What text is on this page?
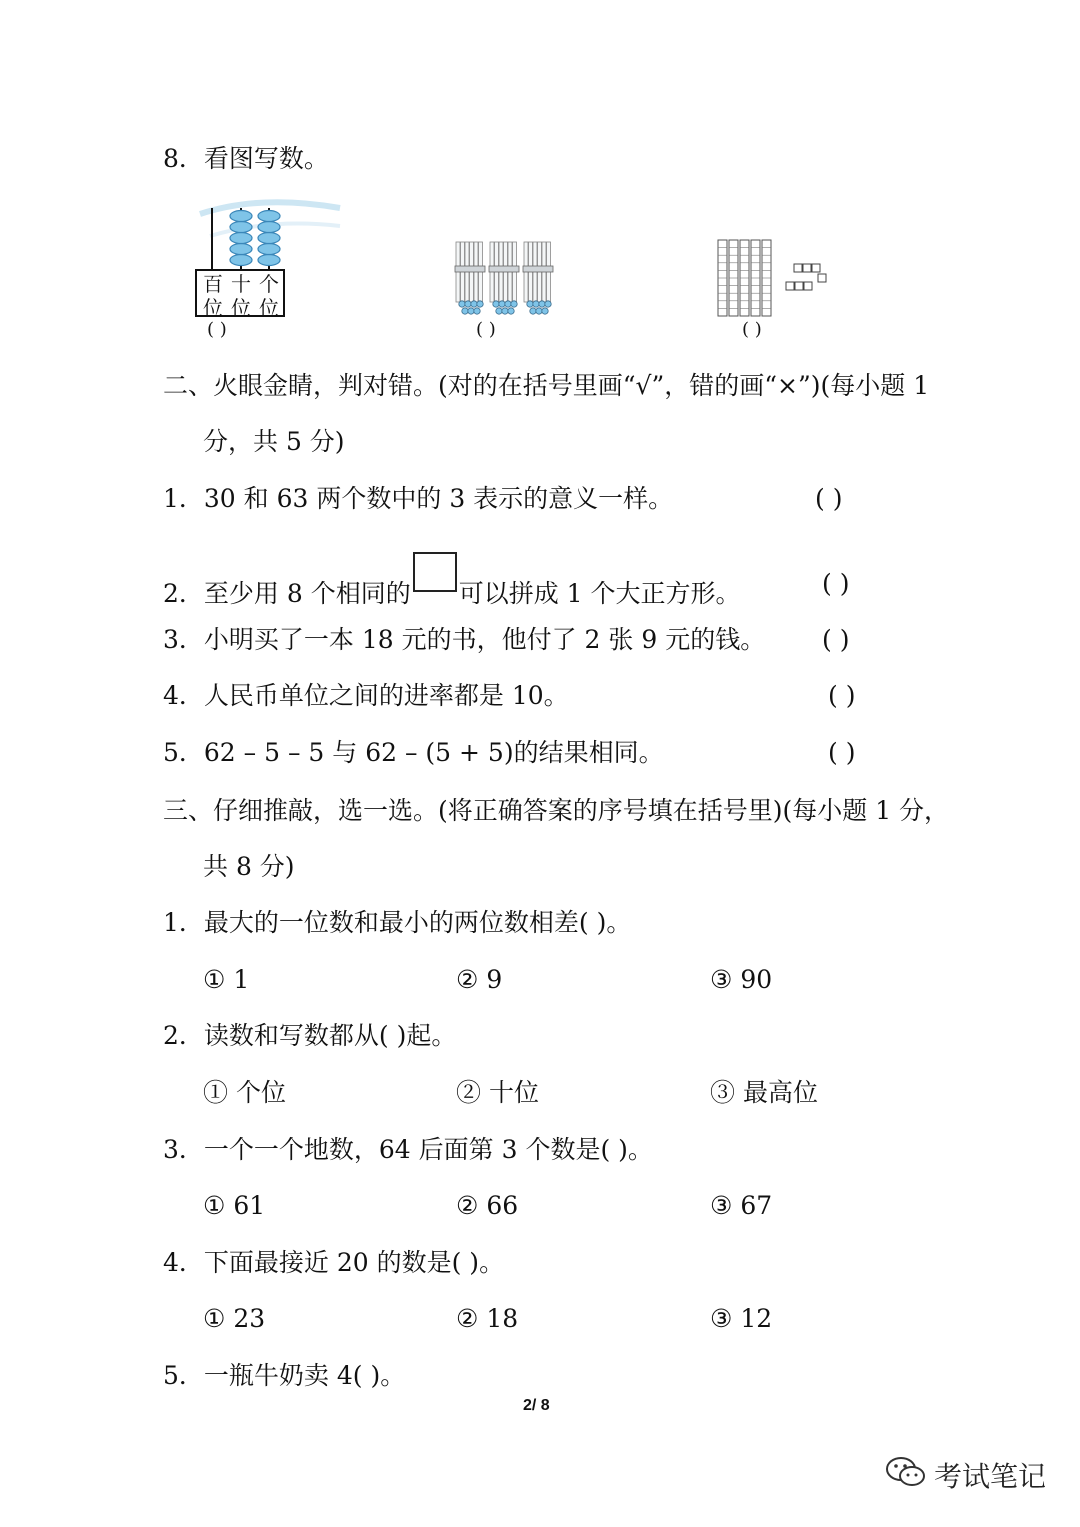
8．看图写数。
百
位
十
位
个
位
( )	( )	( )
二、火眼金睛，判对错。(对的在括号里画“√”，错的画“×”)(每小题 1
分，共 5 分)
1．30 和 63 两个数中的 3 表示的意义一样。	( )
2．至少用 8 个相同的 可以拼成 1 个大正方形。	( )
3．小明买了一本 18 元的书，他付了 2 张 9 元的钱。 ( )
4．人民币单位之间的进率都是 10。	( )
5．62 – 5 – 5 与 62 – (5 + 5)的结果相同。	( )
三、仔细推敲，选一选。(将正确答案的序号填在括号里)(每小题 1 分，
共 8 分)
1．最大的一位数和最小的两位数相差( )。
① 1	② 9	③ 90
2．读数和写数都从( )起。
① 个位	② 十位	③ 最高位
3．一个一个地数，64 后面第 3 个数是( )。
① 61	② 66	③ 67
4．下面最接近 20 的数是( )。
① 23	② 18	③ 12
5．一瓶牛奶卖 4( )。
2/ 8
考试笔记
